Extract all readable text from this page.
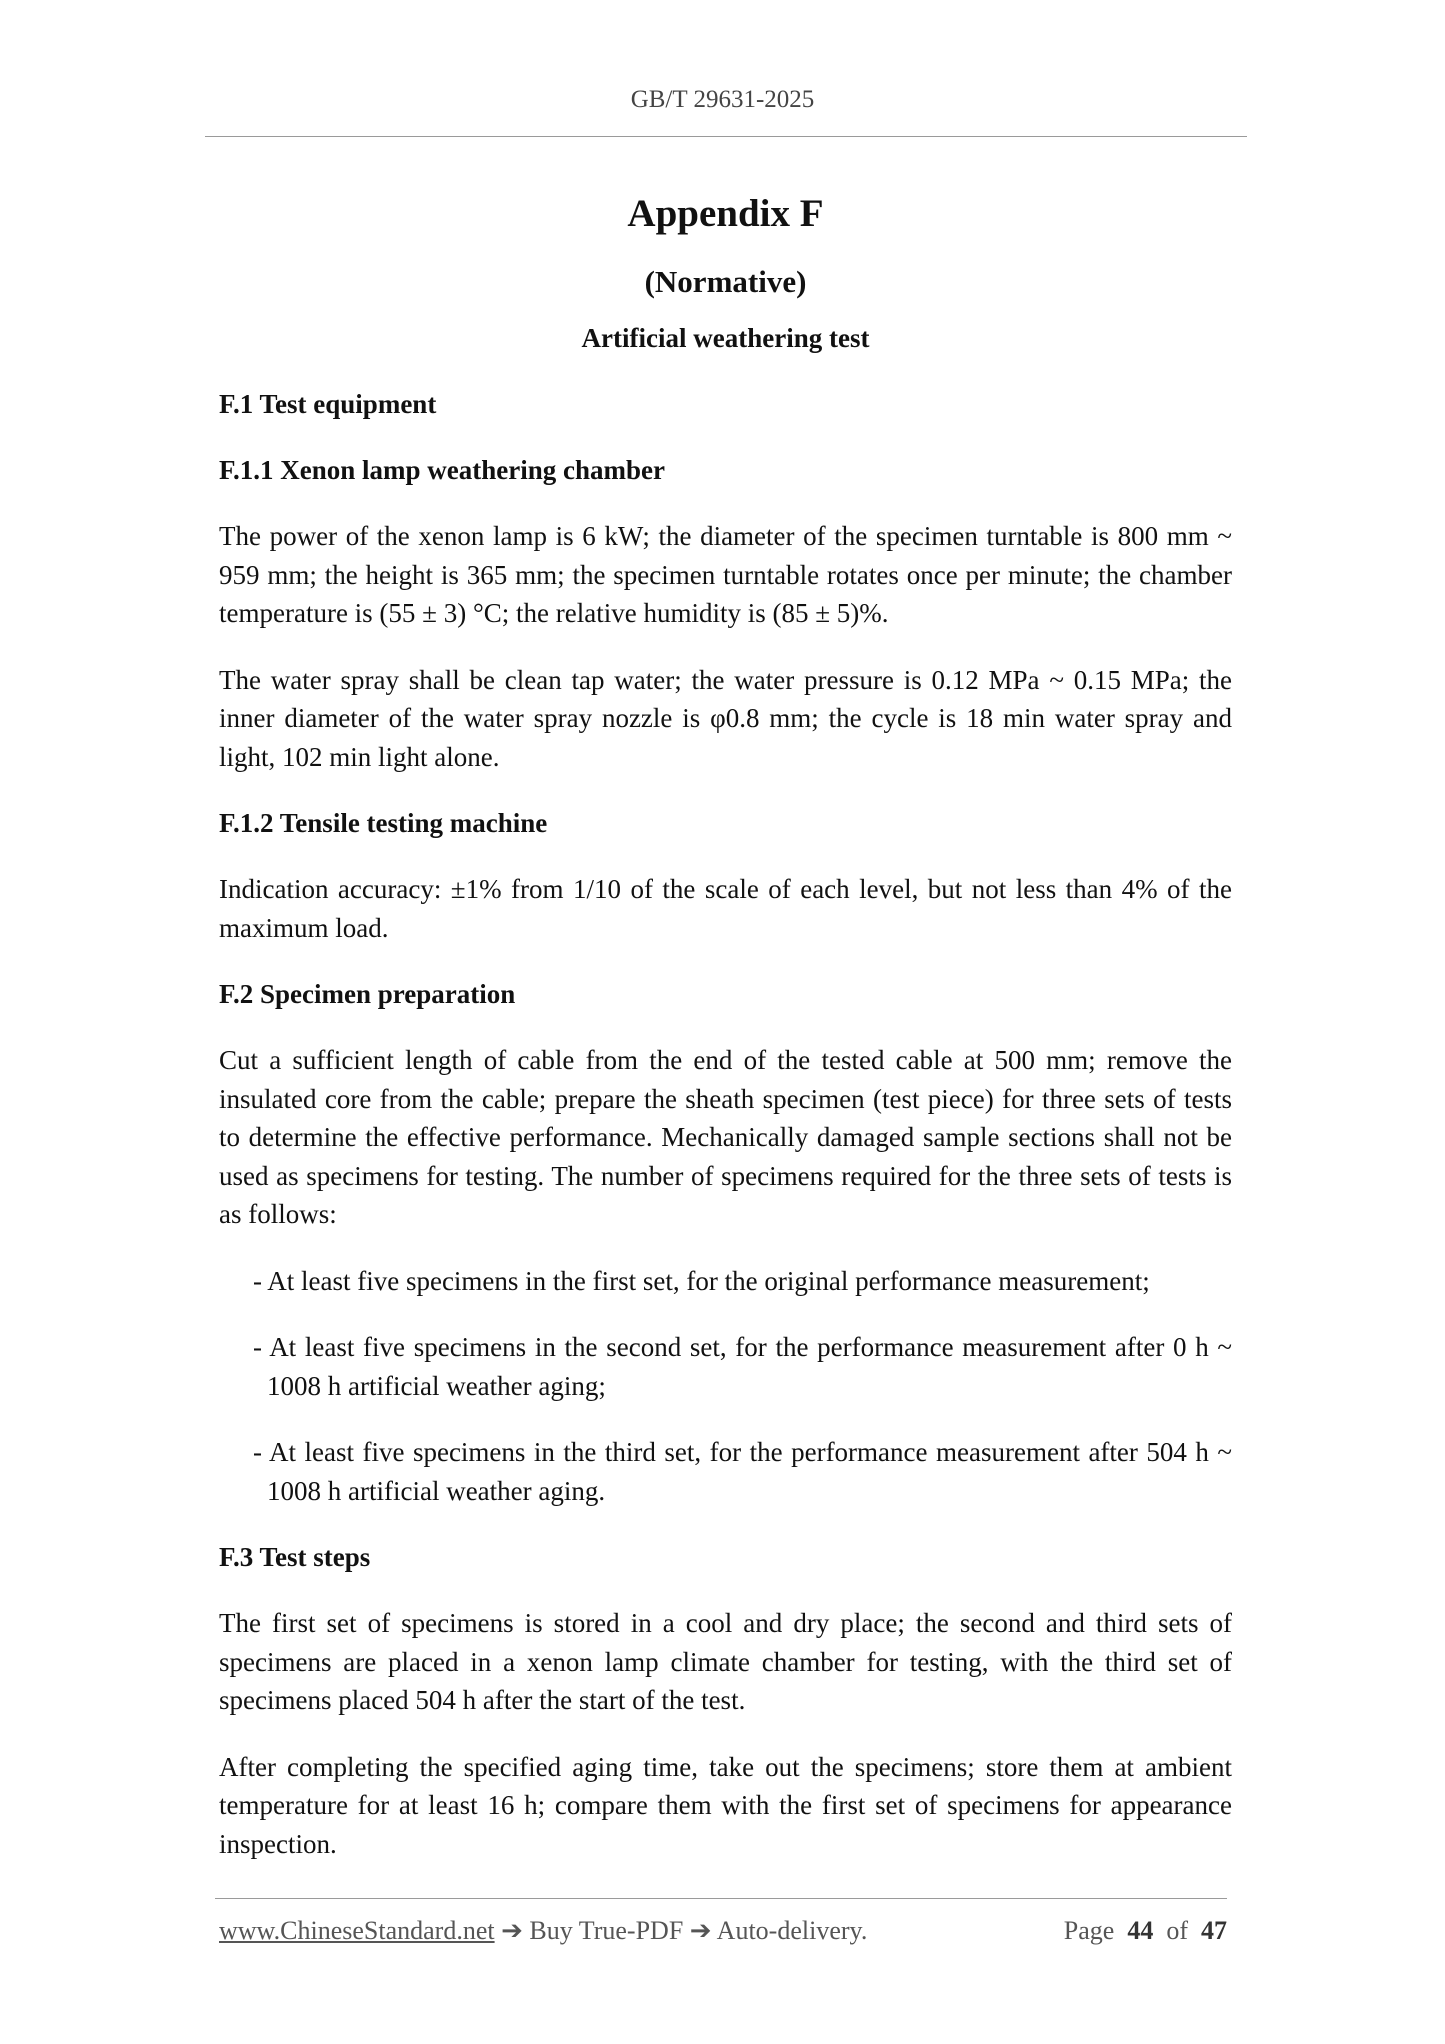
GB/T 29631-2025
Appendix F
(Normative)
Artificial weathering test
F.1 Test equipment
F.1.1 Xenon lamp weathering chamber

The power of the xenon lamp is 6 kW; the diameter of the specimen turntable is 800 mm ~ 959 mm; the height is 365 mm; the specimen turntable rotates once per minute; the chamber temperature is (55 ± 3) °C; the relative humidity is (85 ± 5)%.

The water spray shall be clean tap water; the water pressure is 0.12 MPa ~ 0.15 MPa; the inner diameter of the water spray nozzle is φ0.8 mm; the cycle is 18 min water spray and light, 102 min light alone.

F.1.2 Tensile testing machine

Indication accuracy: ±1% from 1/10 of the scale of each level, but not less than 4% of the maximum load.

F.2 Specimen preparation

Cut a sufficient length of cable from the end of the tested cable at 500 mm; remove the insulated core from the cable; prepare the sheath specimen (test piece) for three sets of tests to determine the effective performance. Mechanically damaged sample sections shall not be used as specimens for testing. The number of specimens required for the three sets of tests is as follows:

- At least five specimens in the first set, for the original performance measurement;
- At least five specimens in the second set, for the performance measurement after 0 h ~ 1008 h artificial weather aging;
- At least five specimens in the third set, for the performance measurement after 504 h ~ 1008 h artificial weather aging.
F.3 Test steps

The first set of specimens is stored in a cool and dry place; the second and third sets of specimens are placed in a xenon lamp climate chamber for testing, with the third set of specimens placed 504 h after the start of the test.

After completing the specified aging time, take out the specimens; store them at ambient temperature for at least 16 h; compare them with the first set of specimens for appearance inspection.

www.ChineseStandard.net ➔ Buy True-PDF ➔ Auto-delivery.	Page 44 of 47
